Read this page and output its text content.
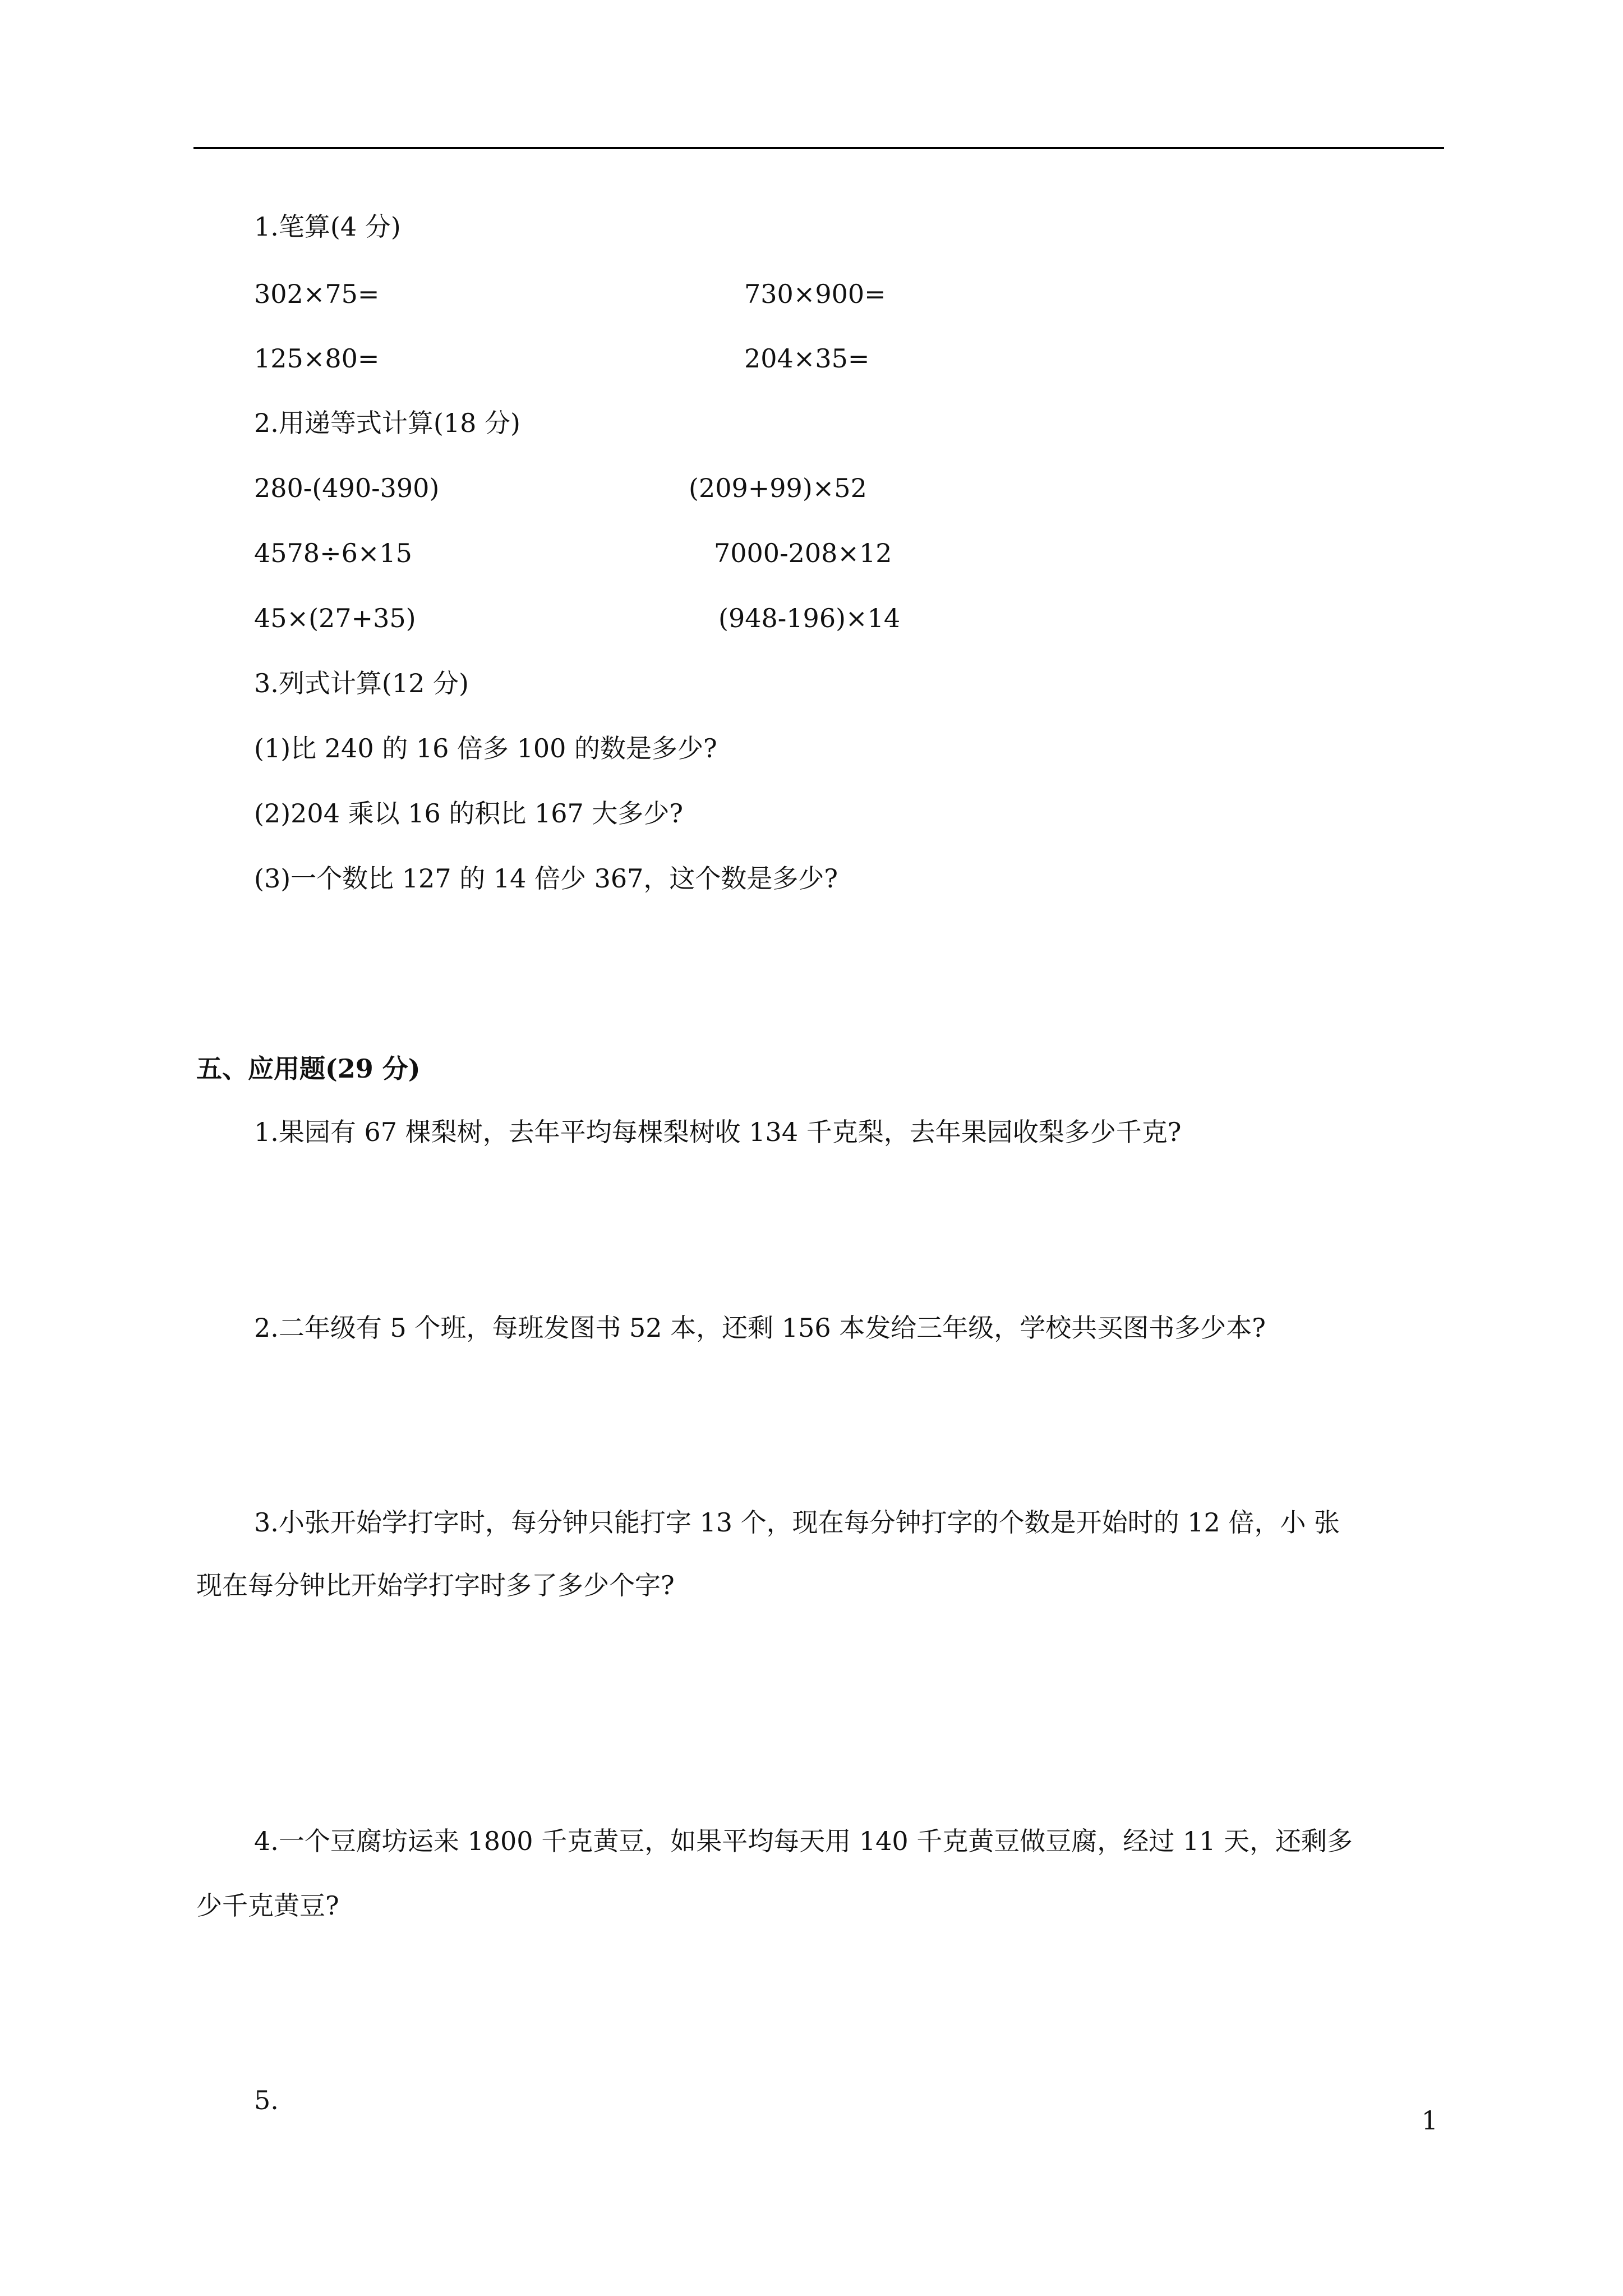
1.笔算(4 分)
302×75=	730×900=
125×80=	204×35=
2.用递等式计算(18 分)
280-(490-390)	(209+99)×52
4578÷6×15	7000-208×12
45×(27+35)	(948-196)×14
3.列式计算(12 分)
(1)比 240 的 16 倍多 100 的数是多少?
(2)204 乘以 16 的积比 167 大多少?
(3)一个数比 127 的 14 倍少 367，这个数是多少?
五、应用题(29 分)
1.果园有 67 棵梨树，去年平均每棵梨树收 134 千克梨，去年果园收梨多少千克?
2.二年级有 5 个班，每班发图书 52 本，还剩 156 本发给三年级，学校共买图书多少本?
3.小张开始学打字时，每分钟只能打字 13 个，现在每分钟打字的个数是开始时的 12 倍，小 张
现在每分钟比开始学打字时多了多少个字?
4.一个豆腐坊运来 1800 千克黄豆，如果平均每天用 140 千克黄豆做豆腐，经过 11 天，还剩多
少千克黄豆?
5.
1
